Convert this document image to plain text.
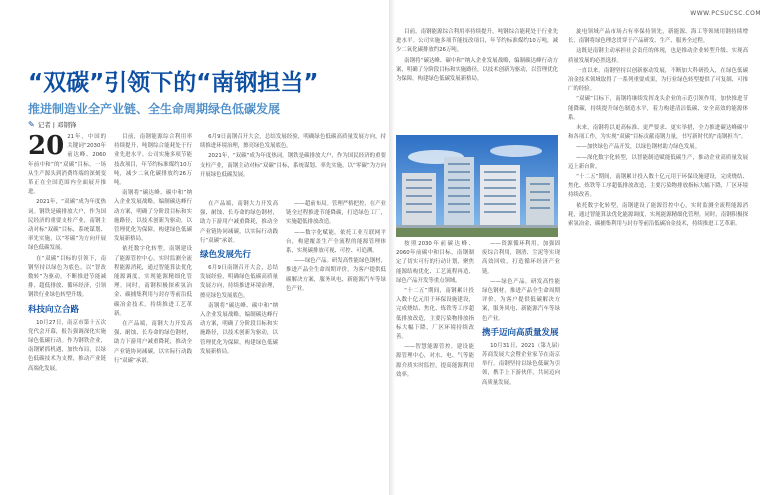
WWW.PCSUCSC.COM
“双碳”引领下的“南钢担当”
推进制造业全产业链、全生命周期绿色低碳发展
✎ 记者 | 邓钢锋

20 21年，中国的关键词“2030年前达峰、2060年前中和”的“双碳”目标，一场从生产源头到消费终端的深刻变革正在全国范围内全面展开推进。

2021年，“双碳”成为年度热词。钢铁是碳排放大户，作为国民经济的重要支柱产业，南钢主动对标“双碳”目标，系统谋划、率先实施，以“零碳”为方向开展绿色低碳发展。

在“双碳”目标的引领下，南钢坚持以绿色为底色，以“智改数转”为驱动，不断推进节能减排、超低排放、循环经济，引领钢铁行业绿色转型升级。

科技向立合路

10月27日，南京市第十五次党代会开幕，报告强调深化实施绿色低碳行动。作为钢铁企业，南钢紧抓机遇，加快布局，以绿色低碳技术为支撑，推动产业链高端化发展。

目前，南钢能源综合利用率持续提升，吨钢综合能耗处于行业先进水平。公司实施多项节能技改项目，年节约标准煤约10万吨，减少二氧化碳排放约26万吨。

南钢将“碳达峰、碳中和”纳入企业发展战略，编制碳达峰行动方案，明确了分阶段目标和实施路径，以技术创新为驱动，以管理优化为保障，构建绿色低碳发展新格局。

依托数字化转型，南钢建设了能源管控中心，实时监测全流程能源消耗，通过智能算法优化能源调度，实现能源精细化管理。同时，南钢积极探索氢冶金、碳捕集利用与封存等前沿低碳冶金技术，持续推进工艺革新。

在产品端，南钢大力开发高强、耐蚀、长寿命的绿色钢材，助力下游用户减重降耗，推动全产业链协同减碳，以实际行动践行“双碳”承诺。

在产品端，南钢大力开发高强、耐蚀、长寿命的绿色钢材，助力下游用户减重降耗，推动全产业链协同减碳，以实际行动践行“双碳”承诺。

绿色发展先行

6月9日南钢召开大会，总结发展经验，明确绿色低碳高质量发展方向，持续推进环境治理，擦亮绿色发展底色。

南钢将“碳达峰、碳中和”纳入企业发展战略，编制碳达峰行动方案，明确了分阶段目标和实施路径，以技术创新为驱动，以管理优化为保障，构建绿色低碳发展新格局。

——超前布局。管理严格把控，在产业链全过程推进节能降碳，打造绿色工厂，实施超低排放改造。

——数字化赋能。依托工业互联网平台，构建覆盖生产全流程的能源管理体系，实现碳排放可视、可控、可追溯。

——绿色产品。研发高性能绿色钢材，推进产品全生命周期评价，为客户提供低碳解决方案，服务风电、新能源汽车等绿色产业。

按照2030年前碳达峰、2060年前碳中和目标，南钢制定了切实可行的行动计划，聚焦能源结构优化、工艺流程再造、绿色产品开发等重点领域。

“十二五”期间，南钢累计投入数十亿元用于环保设施建设，完成烧结、焦化、炼铁等工序超低排放改造，主要污染物排放指标大幅下降，厂区环境持续改善。

——智慧能源管控。建设能源管理中心，对水、电、气等能源介质实时监控，提高能源利用效率。

——资源循环利用。加强固废综合利用，钢渣、尘泥等实现高效回收，打造循环经济产业链。

——绿色产品。研发高性能绿色钢材，推进产品全生命周期评价，为客户提供低碳解决方案，服务风电、新能源汽车等绿色产业。

携手迈向高质量发展

10月31日，2021（第九届）苏商发展大会暨企业家节在南京举行。南钢坚持以绿色低碳为引领，携手上下游伙伴，共同迈向高质量发展。

旋电领域产品市场占有率保持领先，新能源、海工等领域用钢持续增长，南钢将绿色理念贯穿于产品研发、生产、服务全过程。

这既是南钢主动承担社会责任的体现，也是推动企业转型升级、实现高质量发展的必然选择。

一直以来，南钢坚持以创新驱动发展，不断加大科研投入，在绿色低碳冶金技术领域取得了一系列重要成果，为行业绿色转型提供了可复制、可推广的经验。

“双碳”目标下，南钢将继续发挥龙头企业的示范引领作用，加快推进节能降碳，持续提升绿色制造水平，着力构建清洁低碳、安全高效的能源体系。

未来，南钢将以更高标准、更严要求、更实举措，全力推进碳达峰碳中和各项工作，为实现“双碳”目标贡献南钢力量，书写新时代的“南钢担当”。

——加快绿色产品开发，以绿色钢材助力绿色发展。

——深化数字化转型，以智能制造赋能低碳生产，推动企业高质量发展迈上新台阶。

“十二五”期间，南钢累计投入数十亿元用于环保设施建设，完成烧结、焦化、炼铁等工序超低排放改造，主要污染物排放指标大幅下降，厂区环境持续改善。

依托数字化转型，南钢建设了能源管控中心，实时监测全流程能源消耗，通过智能算法优化能源调度，实现能源精细化管理。同时，南钢积极探索氢冶金、碳捕集利用与封存等前沿低碳冶金技术，持续推进工艺革新。

目前，南钢能源综合利用率持续提升，吨钢综合能耗处于行业先进水平。公司实施多项节能技改项目，年节约标准煤约10万吨，减少二氧化碳排放约26万吨。

南钢将“碳达峰、碳中和”纳入企业发展战略，编制碳达峰行动方案，明确了分阶段目标和实施路径，以技术创新为驱动，以管理优化为保障，构建绿色低碳发展新格局。

6月9日南钢召开大会，总结发展经验，明确绿色低碳高质量发展方向，持续推进环境治理，擦亮绿色发展底色。

2021年，“双碳”成为年度热词。钢铁是碳排放大户，作为国民经济的重要支柱产业，南钢主动对标“双碳”目标，系统谋划、率先实施，以“零碳”为方向开展绿色低碳发展。
